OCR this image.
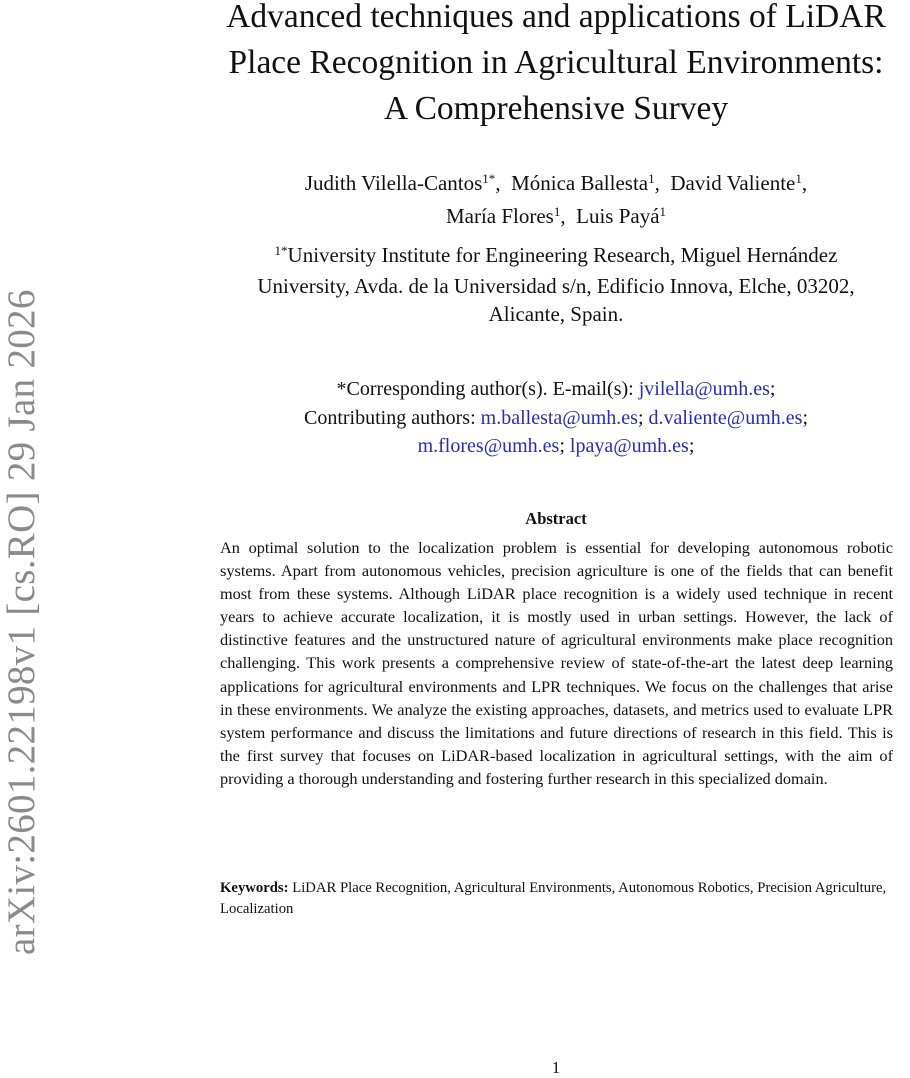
arXiv:2601.22198v1 [cs.RO] 29 Jan 2026
Advanced techniques and applications of LiDAR
Place Recognition in Agricultural Environments:
A Comprehensive Survey
Judith Vilella-Cantos$^{1*}$,  Mónica Ballesta$^1$,  David Valiente$^1$,
María Flores$^1$,  Luis Payá$^1$
$^{1*}$University Institute for Engineering Research, Miguel Hernández
University, Avda. de la Universidad s/n, Edificio Innova, Elche, 03202,
Alicante, Spain.
*Corresponding author(s). E-mail(s): jvilella@umh.es;
Contributing authors: m.ballesta@umh.es; d.valiente@umh.es;
m.flores@umh.es; lpaya@umh.es;
Abstract
An optimal solution to the localization problem is essential for developing autonomous robotic systems. Apart from autonomous vehicles, precision agriculture is one of the fields that can benefit most from these systems. Although LiDAR place recognition is a widely used technique in recent years to achieve accurate localization, it is mostly used in urban settings. However, the lack of distinctive features and the unstructured nature of agricultural environments make place recognition challenging. This work presents a comprehensive review of state-of-the-art the latest deep learning applications for agricultural environments and LPR techniques. We focus on the challenges that arise in these environments. We analyze the existing approaches, datasets, and metrics used to evaluate LPR system performance and discuss the limitations and future directions of research in this field. This is the first survey that focuses on LiDAR-​based localization in agricultural settings, with the aim of providing a thorough understanding and fostering further research in this specialized domain.
Keywords: LiDAR Place Recognition, Agricultural Environments, Autonomous Robotics, Precision Agriculture, Localization
1
